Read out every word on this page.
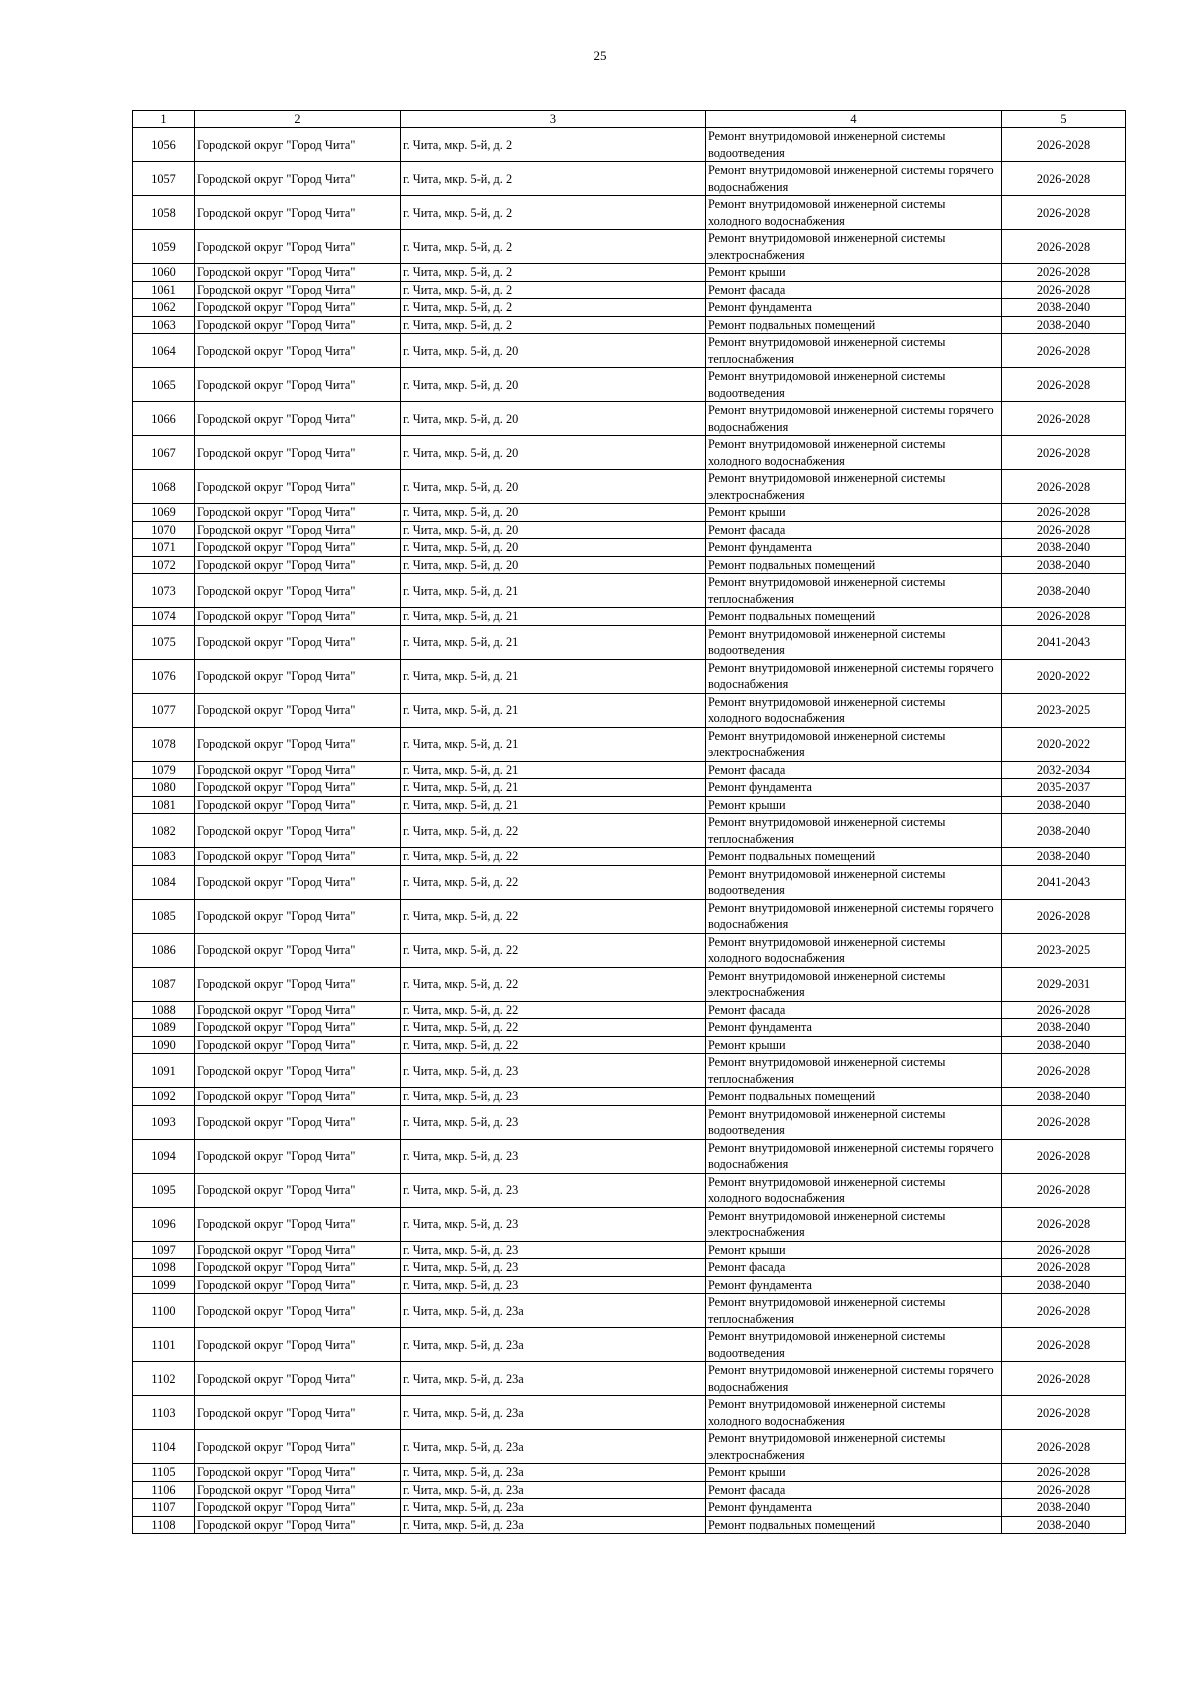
25
1	2	3	4	5
1056	Городской округ "Город Чита"	г. Чита, мкр. 5-й, д. 2	Ремонт внутридомовой инженерной системы водоотведения	2026-2028
1057	Городской округ "Город Чита"	г. Чита, мкр. 5-й, д. 2	Ремонт внутридомовой инженерной системы горячего водоснабжения	2026-2028
1058	Городской округ "Город Чита"	г. Чита, мкр. 5-й, д. 2	Ремонт внутридомовой инженерной системы холодного водоснабжения	2026-2028
1059	Городской округ "Город Чита"	г. Чита, мкр. 5-й, д. 2	Ремонт внутридомовой инженерной системы электроснабжения	2026-2028
1060	Городской округ "Город Чита"	г. Чита, мкр. 5-й, д. 2	Ремонт крыши	2026-2028
1061	Городской округ "Город Чита"	г. Чита, мкр. 5-й, д. 2	Ремонт фасада	2026-2028
1062	Городской округ "Город Чита"	г. Чита, мкр. 5-й, д. 2	Ремонт фундамента	2038-2040
1063	Городской округ "Город Чита"	г. Чита, мкр. 5-й, д. 2	Ремонт подвальных помещений	2038-2040
1064	Городской округ "Город Чита"	г. Чита, мкр. 5-й, д. 20	Ремонт внутридомовой инженерной системы теплоснабжения	2026-2028
1065	Городской округ "Город Чита"	г. Чита, мкр. 5-й, д. 20	Ремонт внутридомовой инженерной системы водоотведения	2026-2028
1066	Городской округ "Город Чита"	г. Чита, мкр. 5-й, д. 20	Ремонт внутридомовой инженерной системы горячего водоснабжения	2026-2028
1067	Городской округ "Город Чита"	г. Чита, мкр. 5-й, д. 20	Ремонт внутридомовой инженерной системы холодного водоснабжения	2026-2028
1068	Городской округ "Город Чита"	г. Чита, мкр. 5-й, д. 20	Ремонт внутридомовой инженерной системы электроснабжения	2026-2028
1069	Городской округ "Город Чита"	г. Чита, мкр. 5-й, д. 20	Ремонт крыши	2026-2028
1070	Городской округ "Город Чита"	г. Чита, мкр. 5-й, д. 20	Ремонт фасада	2026-2028
1071	Городской округ "Город Чита"	г. Чита, мкр. 5-й, д. 20	Ремонт фундамента	2038-2040
1072	Городской округ "Город Чита"	г. Чита, мкр. 5-й, д. 20	Ремонт подвальных помещений	2038-2040
1073	Городской округ "Город Чита"	г. Чита, мкр. 5-й, д. 21	Ремонт внутридомовой инженерной системы теплоснабжения	2038-2040
1074	Городской округ "Город Чита"	г. Чита, мкр. 5-й, д. 21	Ремонт подвальных помещений	2026-2028
1075	Городской округ "Город Чита"	г. Чита, мкр. 5-й, д. 21	Ремонт внутридомовой инженерной системы водоотведения	2041-2043
1076	Городской округ "Город Чита"	г. Чита, мкр. 5-й, д. 21	Ремонт внутридомовой инженерной системы горячего водоснабжения	2020-2022
1077	Городской округ "Город Чита"	г. Чита, мкр. 5-й, д. 21	Ремонт внутридомовой инженерной системы холодного водоснабжения	2023-2025
1078	Городской округ "Город Чита"	г. Чита, мкр. 5-й, д. 21	Ремонт внутридомовой инженерной системы электроснабжения	2020-2022
1079	Городской округ "Город Чита"	г. Чита, мкр. 5-й, д. 21	Ремонт фасада	2032-2034
1080	Городской округ "Город Чита"	г. Чита, мкр. 5-й, д. 21	Ремонт фундамента	2035-2037
1081	Городской округ "Город Чита"	г. Чита, мкр. 5-й, д. 21	Ремонт крыши	2038-2040
1082	Городской округ "Город Чита"	г. Чита, мкр. 5-й, д. 22	Ремонт внутридомовой инженерной системы теплоснабжения	2038-2040
1083	Городской округ "Город Чита"	г. Чита, мкр. 5-й, д. 22	Ремонт подвальных помещений	2038-2040
1084	Городской округ "Город Чита"	г. Чита, мкр. 5-й, д. 22	Ремонт внутридомовой инженерной системы водоотведения	2041-2043
1085	Городской округ "Город Чита"	г. Чита, мкр. 5-й, д. 22	Ремонт внутридомовой инженерной системы горячего водоснабжения	2026-2028
1086	Городской округ "Город Чита"	г. Чита, мкр. 5-й, д. 22	Ремонт внутридомовой инженерной системы холодного водоснабжения	2023-2025
1087	Городской округ "Город Чита"	г. Чита, мкр. 5-й, д. 22	Ремонт внутридомовой инженерной системы электроснабжения	2029-2031
1088	Городской округ "Город Чита"	г. Чита, мкр. 5-й, д. 22	Ремонт фасада	2026-2028
1089	Городской округ "Город Чита"	г. Чита, мкр. 5-й, д. 22	Ремонт фундамента	2038-2040
1090	Городской округ "Город Чита"	г. Чита, мкр. 5-й, д. 22	Ремонт крыши	2038-2040
1091	Городской округ "Город Чита"	г. Чита, мкр. 5-й, д. 23	Ремонт внутридомовой инженерной системы теплоснабжения	2026-2028
1092	Городской округ "Город Чита"	г. Чита, мкр. 5-й, д. 23	Ремонт подвальных помещений	2038-2040
1093	Городской округ "Город Чита"	г. Чита, мкр. 5-й, д. 23	Ремонт внутридомовой инженерной системы водоотведения	2026-2028
1094	Городской округ "Город Чита"	г. Чита, мкр. 5-й, д. 23	Ремонт внутридомовой инженерной системы горячего водоснабжения	2026-2028
1095	Городской округ "Город Чита"	г. Чита, мкр. 5-й, д. 23	Ремонт внутридомовой инженерной системы холодного водоснабжения	2026-2028
1096	Городской округ "Город Чита"	г. Чита, мкр. 5-й, д. 23	Ремонт внутридомовой инженерной системы электроснабжения	2026-2028
1097	Городской округ "Город Чита"	г. Чита, мкр. 5-й, д. 23	Ремонт крыши	2026-2028
1098	Городской округ "Город Чита"	г. Чита, мкр. 5-й, д. 23	Ремонт фасада	2026-2028
1099	Городской округ "Город Чита"	г. Чита, мкр. 5-й, д. 23	Ремонт фундамента	2038-2040
1100	Городской округ "Город Чита"	г. Чита, мкр. 5-й, д. 23а	Ремонт внутридомовой инженерной системы теплоснабжения	2026-2028
1101	Городской округ "Город Чита"	г. Чита, мкр. 5-й, д. 23а	Ремонт внутридомовой инженерной системы водоотведения	2026-2028
1102	Городской округ "Город Чита"	г. Чита, мкр. 5-й, д. 23а	Ремонт внутридомовой инженерной системы горячего водоснабжения	2026-2028
1103	Городской округ "Город Чита"	г. Чита, мкр. 5-й, д. 23а	Ремонт внутридомовой инженерной системы холодного водоснабжения	2026-2028
1104	Городской округ "Город Чита"	г. Чита, мкр. 5-й, д. 23а	Ремонт внутридомовой инженерной системы электроснабжения	2026-2028
1105	Городской округ "Город Чита"	г. Чита, мкр. 5-й, д. 23а	Ремонт крыши	2026-2028
1106	Городской округ "Город Чита"	г. Чита, мкр. 5-й, д. 23а	Ремонт фасада	2026-2028
1107	Городской округ "Город Чита"	г. Чита, мкр. 5-й, д. 23а	Ремонт фундамента	2038-2040
1108	Городской округ "Город Чита"	г. Чита, мкр. 5-й, д. 23а	Ремонт подвальных помещений	2038-2040
